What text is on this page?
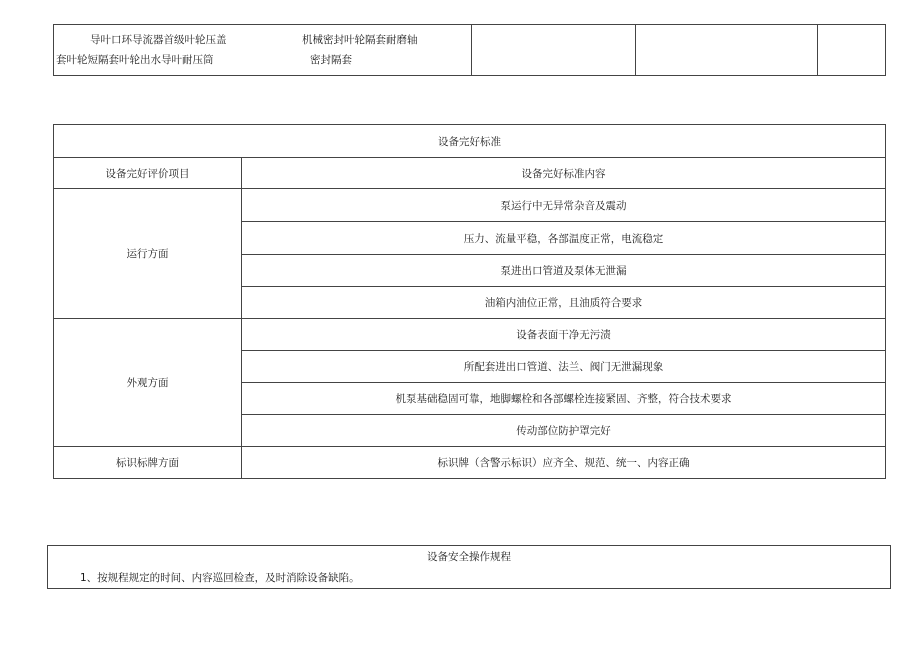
导叶口环导流器首级叶轮压盖	机械密封叶轮隔套耐磨轴
套叶轮短隔套叶轮出水导叶耐压筒	密封隔套

设备完好标准	
设备完好评价项目	设备完好标准内容
运行方面	泵运行中无异常杂音及震动
	压力、流量平稳，各部温度正常，电流稳定
	泵进出口管道及泵体无泄漏
	油箱内油位正常，且油质符合要求
外观方面	设备表面干净无污渍
	所配套进出口管道、法兰、阀门无泄漏现象
	机泵基础稳固可靠，地脚螺栓和各部螺栓连接紧固、齐整，符合技术要求
	传动部位防护罩完好
标识标牌方面	标识牌（含警示标识）应齐全、规范、统一、内容正确
设备安全操作规程
1、按规程规定的时间、内容巡回检查，及时消除设备缺陷。
